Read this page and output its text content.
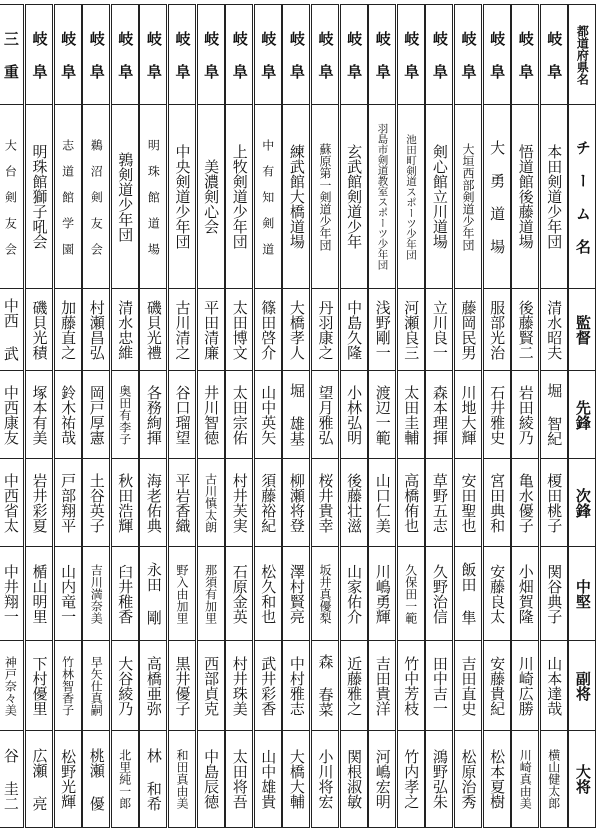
都道府県名
チ ー ム 名
監督
先鋒
次鋒
中堅
副将
大将
岐 阜
本田剣道少年団
清水昭夫
堀 智紀
榎田桃子
関谷典子
山本達哉
横山健太郎
岐 阜
悟道館後藤道場
後藤賢二
岩田綾乃
亀水優子
小畑賀隆
川崎広勝
川崎真由美
岐 阜
大 勇 道 場
服部光治
石井雅史
宮田典和
安藤良太
安藤貴紀
松本夏樹
岐 阜
大垣西部剣道少年団
藤岡民男
川地大輝
安田聖也
飯田 隼
吉田直史
松原治秀
岐 阜
剣心館立川道場
立川良一
森本理揮
草野五志
久野治信
田中吉一
鴻野弘朱
岐 阜
池田町剣道スポーツ少年団
河瀬良三
太田圭輔
高橋侑也
久保田一範
竹中芳枝
竹内孝之
岐 阜
羽島市剣道教室スポーツ少年団
浅野剛一
渡辺一範
山口仁美
川嶋勇輝
吉田貴洋
河嶋宏明
岐 阜
玄武館剣道少年
中島久隆
小林弘明
後藤壮滋
山家佑介
近藤雅之
関根淑敏
岐 阜
蘇原第一剣道少年団
丹羽康之
望月雅弘
桜井貴幸
坂井真優梨
森 春菜
小川将宏
岐 阜
練武館大橋道場
大橋孝人
堀 雄基
柳瀬将登
澤村賢亮
中村雅志
大橋大輔
岐 阜
中 有 知 剣 道
篠田啓介
山中英矢
須藤裕紀
松久和也
武井彩香
山中雄貴
岐 阜
上牧剣道少年団
太田博文
太田宗佑
村井芙実
石原金英
村井珠美
太田将吾
岐 阜
美濃剣心会
平田清廉
井川智徳
古川慎太朗
那須有加里
西部貞克
中島辰徳
岐 阜
中央剣道少年団
古川清之
谷口瑠望
平岩香織
野入由加里
黒井優子
和田真由美
岐 阜
明 珠 館 道 場
磯貝光禮
各務絢揮
海老佑典
永田 剛
高橋亜弥
林 和希
岐 阜
鶉剣道少年団
清水忠維
奥田有李子
秋田浩輝
臼井稚香
大谷綾乃
北里純一郎
岐 阜
鵜 沼 剣 友 会
村瀬昌弘
岡戸厚憲
土谷英子
吉川満奈美
早矢仕真嗣
桃瀬 優
岐 阜
志 道 館 学 園
加藤直之
鈴木祐哉
戸部翔平
山内竜一
竹林智香子
松野光輝
岐 阜
明珠館獅子吼会
磯貝光積
塚本有美
岩井彩夏
楯山明里
下村優里
広瀬 亮
三 重
大 台 剣 友 会
中西 武
中西康友
中西省太
中井翔一
神戸奈々美
谷 圭二
